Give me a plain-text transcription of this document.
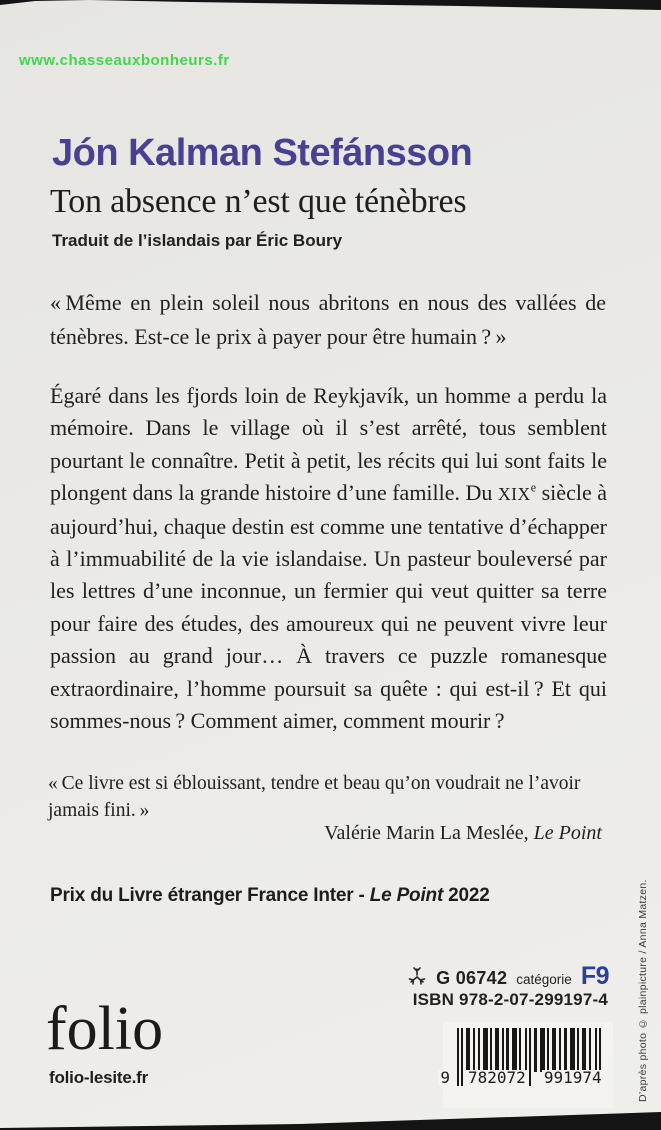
www.chasseauxbonheurs.fr
Jón Kalman Stefánsson
Ton absence n’est que ténèbres
Traduit de l’islandais par Éric Boury
« Même en plein soleil nous abritons en nous des vallées de ténèbres. Est-ce le prix à payer pour être humain ? »
Égaré dans les fjords loin de Reykjavík, un homme a perdu la mémoire. Dans le village où il s’est arrêté, tous semblent pourtant le connaître. Petit à petit, les récits qui lui sont faits le plongent dans la grande histoire d’une famille. Du XIXe siècle à aujourd’hui, chaque destin est comme une tentative d’échapper à l’immuabilité de la vie islandaise. Un pasteur bouleversé par les lettres d’une inconnue, un fermier qui veut quitter sa terre pour faire des études, des amoureux qui ne peuvent vivre leur passion au grand jour… À travers ce puzzle romanesque extraordinaire, l’homme poursuit sa quête : qui est-il ? Et qui sommes-nous ? Comment aimer, comment mourir ?
« Ce livre est si éblouissant, tendre et beau qu’on voudrait ne l’avoir jamais fini. »
Valérie Marin La Meslée, Le Point
Prix du Livre étranger France Inter - Le Point 2022
folio
folio-lesite.fr
G 06742 catégorie F9
ISBN 978-2-07-299197-4
9 782072 991974	D’après photo © plainpicture / Anna Matzen.
